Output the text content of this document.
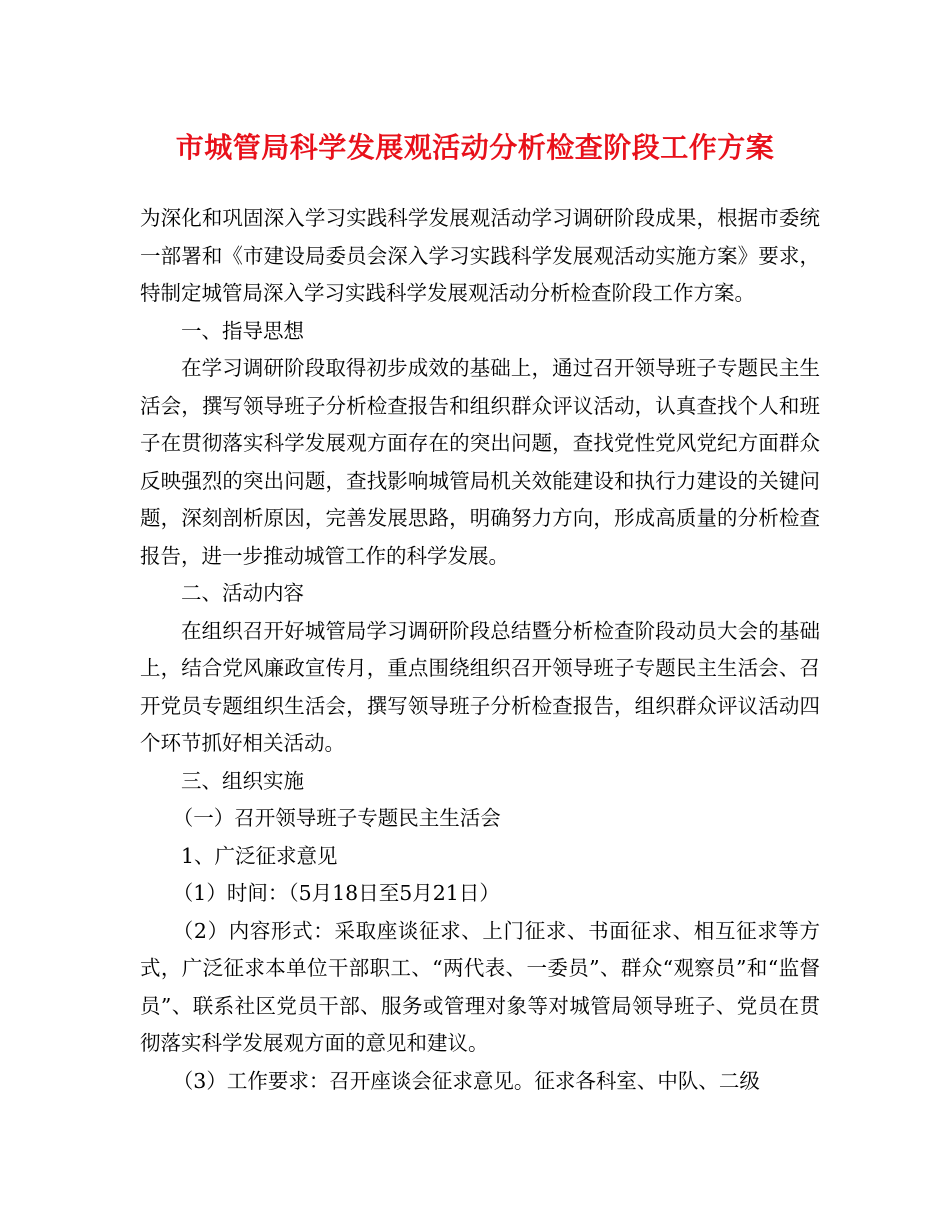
市城管局科学发展观活动分析检查阶段工作方案

为深化和巩固深入学习实践科学发展观活动学习调研阶段成果，根据市委统一部署和《市建设局委员会深入学习实践科学发展观活动实施方案》要求，特制定城管局深入学习实践科学发展观活动分析检查阶段工作方案。

一、指导思想

在学习调研阶段取得初步成效的基础上，通过召开领导班子专题民主生活会，撰写领导班子分析检查报告和组织群众评议活动，认真查找个人和班子在贯彻落实科学发展观方面存在的突出问题，查找党性党风党纪方面群众反映强烈的突出问题，查找影响城管局机关效能建设和执行力建设的关键问题，深刻剖析原因，完善发展思路，明确努力方向，形成高质量的分析检查报告，进一步推动城管工作的科学发展。

二、活动内容

在组织召开好城管局学习调研阶段总结暨分析检查阶段动员大会的基础上，结合党风廉政宣传月，重点围绕组织召开领导班子专题民主生活会、召开党员专题组织生活会，撰写领导班子分析检查报告，组织群众评议活动四个环节抓好相关活动。

三、组织实施

（一）召开领导班子专题民主生活会

1、广泛征求意见

（1）时间：（5月18日至5月21日）

（2）内容形式：采取座谈征求、上门征求、书面征求、相互征求等方式，广泛征求本单位干部职工、“两代表、一委员”、群众“观察员”和“监督员”、联系社区党员干部、服务或管理对象等对城管局领导班子、党员在贯彻落实科学发展观方面的意见和建议。

（3）工作要求：召开座谈会征求意见。征求各科室、中队、二级
